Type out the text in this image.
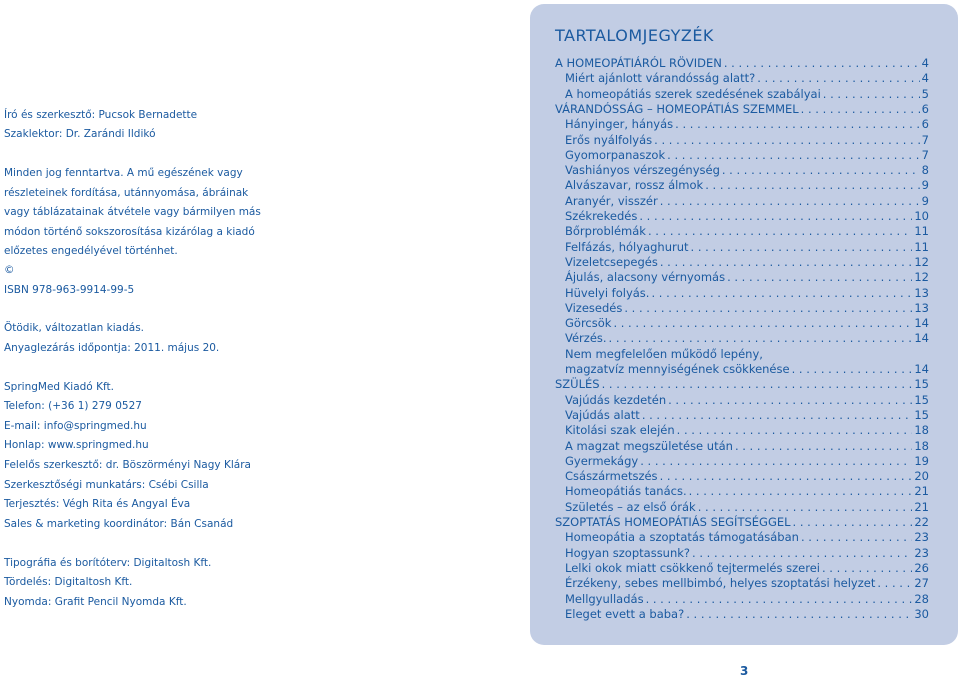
Író és szerkesztő: Pucsok Bernadette
Szaklektor: Dr. Zarándi Ildikó
Minden jog fenntartva. A mű egészének vagy
részleteinek fordítása, utánnyomása, ábráinak
vagy táblázatainak átvétele vagy bármilyen más
módon történő sokszorosítása kizárólag a kiadó
előzetes engedélyével történhet.
©
ISBN 978-963-9914-99-5
Ötödik, változatlan kiadás.
Anyaglezárás időpontja: 2011. május 20.
SpringMed Kiadó Kft.
Telefon: (+36 1) 279 0527
E-mail: info@springmed.hu
Honlap: www.springmed.hu
Felelős szerkesztő: dr. Böszörményi Nagy Klára
Szerkesztőségi munkatárs: Csébi Csilla
Terjesztés: Végh Rita és Angyal Éva
Sales & marketing koordinátor: Bán Csanád
Tipográfia és borítóterv: Digitaltosh Kft.
Tördelés: Digitaltosh Kft.
Nyomda: Grafit Pencil Nyomda Kft.
TARTALOMJEGYZÉK
A HOMEOPÁTIÁRÓL RÖVIDEN . . .	4
Miért ajánlott várandósság alatt? . . .	4
A homeopátiás szerek szedésének szabályai . . .	5
VÁRANDÓSSÁG – HOMEOPÁTIÁS SZEMMEL . . .	6
Hányinger, hányás . . .	6
Erős nyálfolyás . . .	7
Gyomorpanaszok . . .	7
Vashiányos vérszegénység . . .	8
Alvászavar, rossz álmok . . .	9
Aranyér, visszér . . .	9
Székrekedés . . .	10
Bőrproblémák . . .	11
Felfázás, hólyaghurut . . .	11
Vizeletcsepegés . . .	12
Ájulás, alacsony vérnyomás . . .	12
Hüvelyi folyás. . . .	13
Vizesedés . . .	13
Görcsök . . .	14
Vérzés. . . .	14
Nem megfelelően működő lepény,
magzatvíz mennyiségének csökkenése . . .	14
SZÜLÉS . . .	15
Vajúdás kezdetén . . .	15
Vajúdás alatt . . .	15
Kitolási szak elején . . .	18
A magzat megszületése után . . .	18
Gyermekágy . . .	19
Császármetszés . . .	20
Homeopátiás tanács. . . .	21
Születés – az első órák . . .	21
SZOPTATÁS HOMEOPÁTIÁS SEGÍTSÉGGEL . . .	22
Homeopátia a szoptatás támogatásában . . .	23
Hogyan szoptassunk? . . .	23
Lelki okok miatt csökkenő tejtermelés szerei . . .	26
Érzékeny, sebes mellbimbó, helyes szoptatási helyzet . . .	27
Mellgyulladás . . .	28
Eleget evett a baba? . . .	30
3
